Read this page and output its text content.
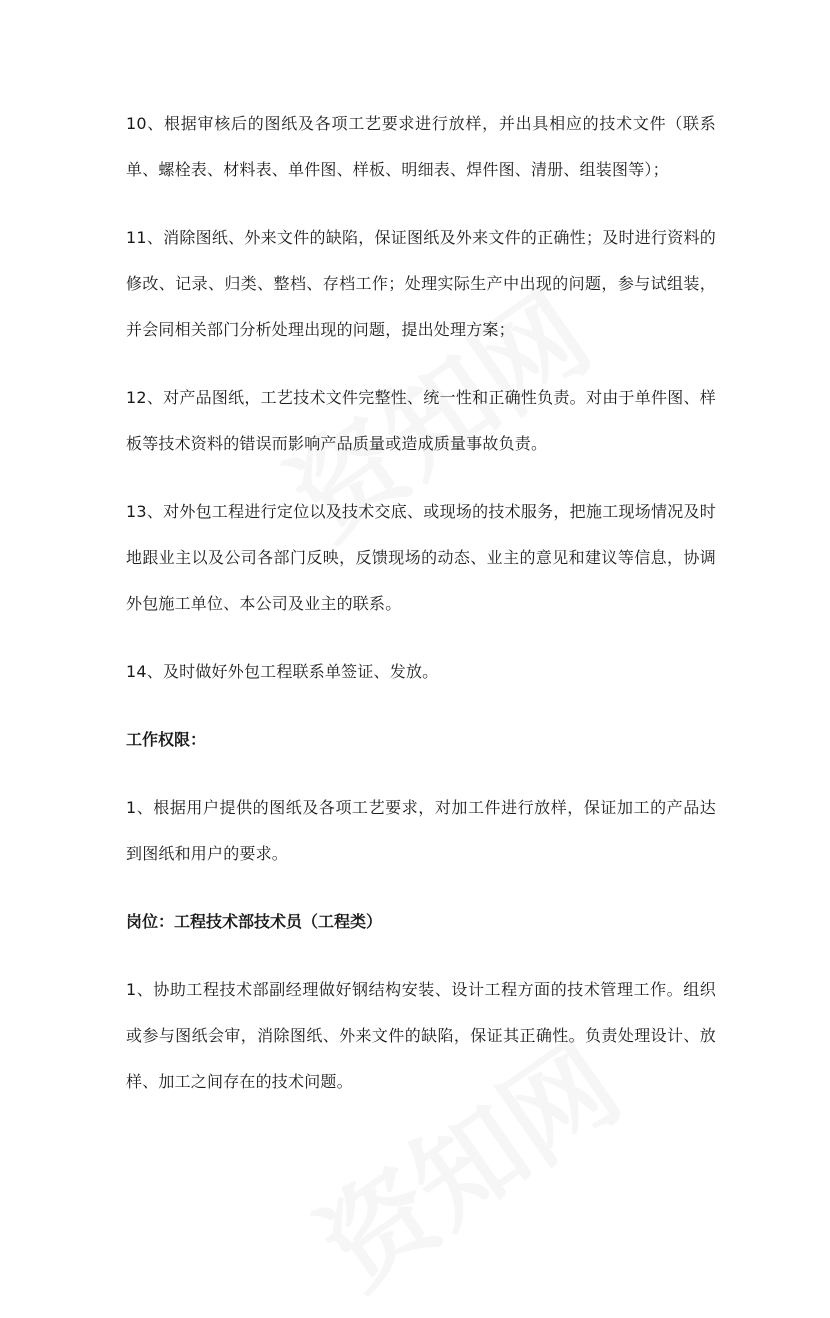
10、根据审核后的图纸及各项工艺要求进行放样，并出具相应的技术文件（联系单、螺栓表、材料表、单件图、样板、明细表、焊件图、清册、组装图等）；

11、消除图纸、外来文件的缺陷，保证图纸及外来文件的正确性；及时进行资料的修改、记录、归类、整档、存档工作；处理实际生产中出现的问题，参与试组装，并会同相关部门分析处理出现的问题，提出处理方案；

12、对产品图纸，工艺技术文件完整性、统一性和正确性负责。对由于单件图、样板等技术资料的错误而影响产品质量或造成质量事故负责。

13、对外包工程进行定位以及技术交底、或现场的技术服务，把施工现场情况及时地跟业主以及公司各部门反映，反馈现场的动态、业主的意见和建议等信息，协调外包施工单位、本公司及业主的联系。

14、及时做好外包工程联系单签证、发放。

工作权限：

1、根据用户提供的图纸及各项工艺要求，对加工件进行放样，保证加工的产品达到图纸和用户的要求。

岗位：工程技术部技术员（工程类）

1、协助工程技术部副经理做好钢结构安装、设计工程方面的技术管理工作。组织或参与图纸会审，消除图纸、外来文件的缺陷，保证其正确性。负责处理设计、放样、加工之间存在的技术问题。
